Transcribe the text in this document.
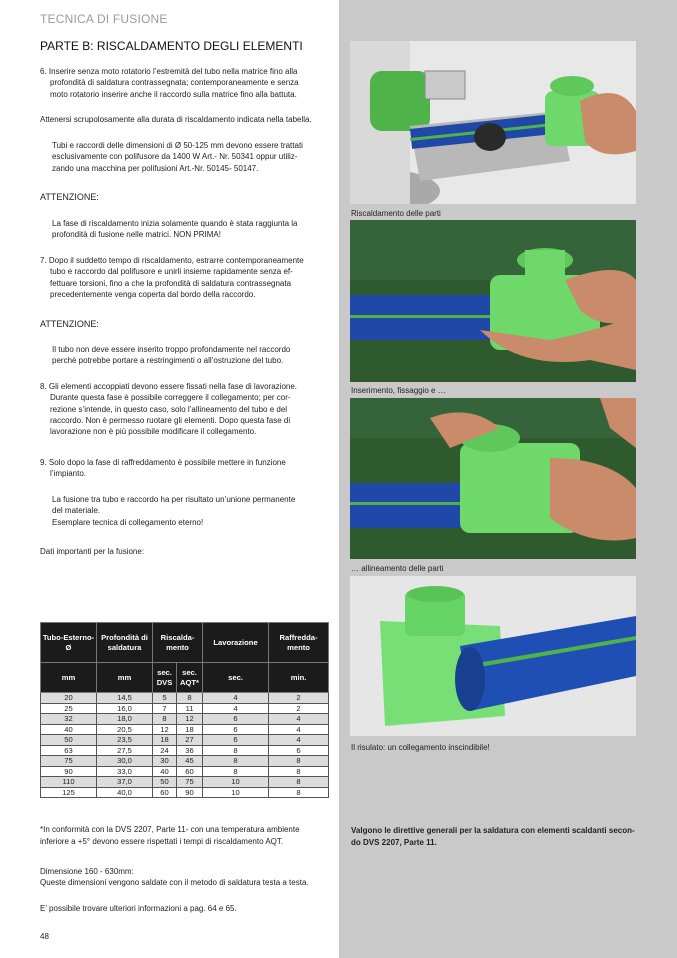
TECNICA DI FUSIONE
PARTE B: RISCALDAMENTO DEGLI ELEMENTI

6. Inserire senza moto rotatorio l’estremità del tubo nella matrice fino alla

profondità di saldatura contrassegnata; contemporaneamente e senza

moto rotatorio inserire anche il raccordo sulla matrice fino alla battuta.

Attenersi scrupolosamente alla durata di riscaldamento indicata nella tabella.

Tubi e raccordi delle dimensioni di Ø 50-125 mm devono essere trattati

esclusivamente con polifusore da 1400 W Art.- Nr. 50341 oppur utiliz-

zando una macchina per polifusioni Art.-Nr. 50145- 50147.

ATTENZIONE:

La fase di riscaldamento inizia solamente quando è stata raggiunta la

profondità di fusione nelle matrici. NON PRIMA!

7. Dopo il suddetto tempo di riscaldamento, estrarre contemporaneamente

tubo e raccordo dal polifusore e unirli insieme rapidamente senza ef-

fettuare torsioni, fino a che la profondità di saldatura contrassegnata

precedentemente venga coperta dal bordo della raccordo.

ATTENZIONE:

Il tubo non deve essere inserito troppo profondamente nel raccordo

perchè potrebbe portare a restringimenti o all’ostruzione del tubo.

8. Gli elementi accoppiati devono essere fissati nella fase di lavorazione.

Durante questa fase è possibile correggere il collegamento; per cor-

rezione s’intende, in questo caso, solo l’allineamento del tubo e del

raccordo. Non è permesso ruotare gli elementi. Dopo questa fase di

lavorazione non è più possibile modificare il collegamento.

9. Solo dopo la fase di raffreddamento è possibile mettere in funzione

l’impianto.

La fusione tra tubo e raccordo ha per risultato un’unione permanente

del materiale.

Esemplare tecnica di collegamento eterno!

Dati importanti per la fusione:
Tubo-Esterno-Ø	Profondità di saldatura	Riscalda-mento		Lavorazione	Raffredda-mento
mm	mm	sec. DVS	sec. AQT*	sec.	min.
20	14,5	5	8	4	2
25	16,0	7	11	4	2
32	18,0	8	12	6	4
40	20,5	12	18	6	4
50	23,5	18	27	6	4
63	27,5	24	36	8	6
75	30,0	30	45	8	8
90	33,0	40	60	8	8
110	37,0	50	75	10	8
125	40,0	60	90	10	8

*In conformità con la DVS 2207, Parte 11- con una temperatura ambiente

inferiore a +5° devono essere rispettati i tempi di riscaldamento AQT.

Dimensione 160 - 630mm:
Queste dimensioni vengono saldate con il metodo di saldatura testa a testa.
E’ possibile trovare ulteriori informazioni a pag. 64 e 65.
48
Riscaldamento delle parti
Inserimento, fissaggio e …
… allineamento delle parti
Il risulato: un collegamento inscindibile!

Valgono le direttive generali per la saldatura con elementi scaldanti secon-

do DVS 2207, Parte 11.
